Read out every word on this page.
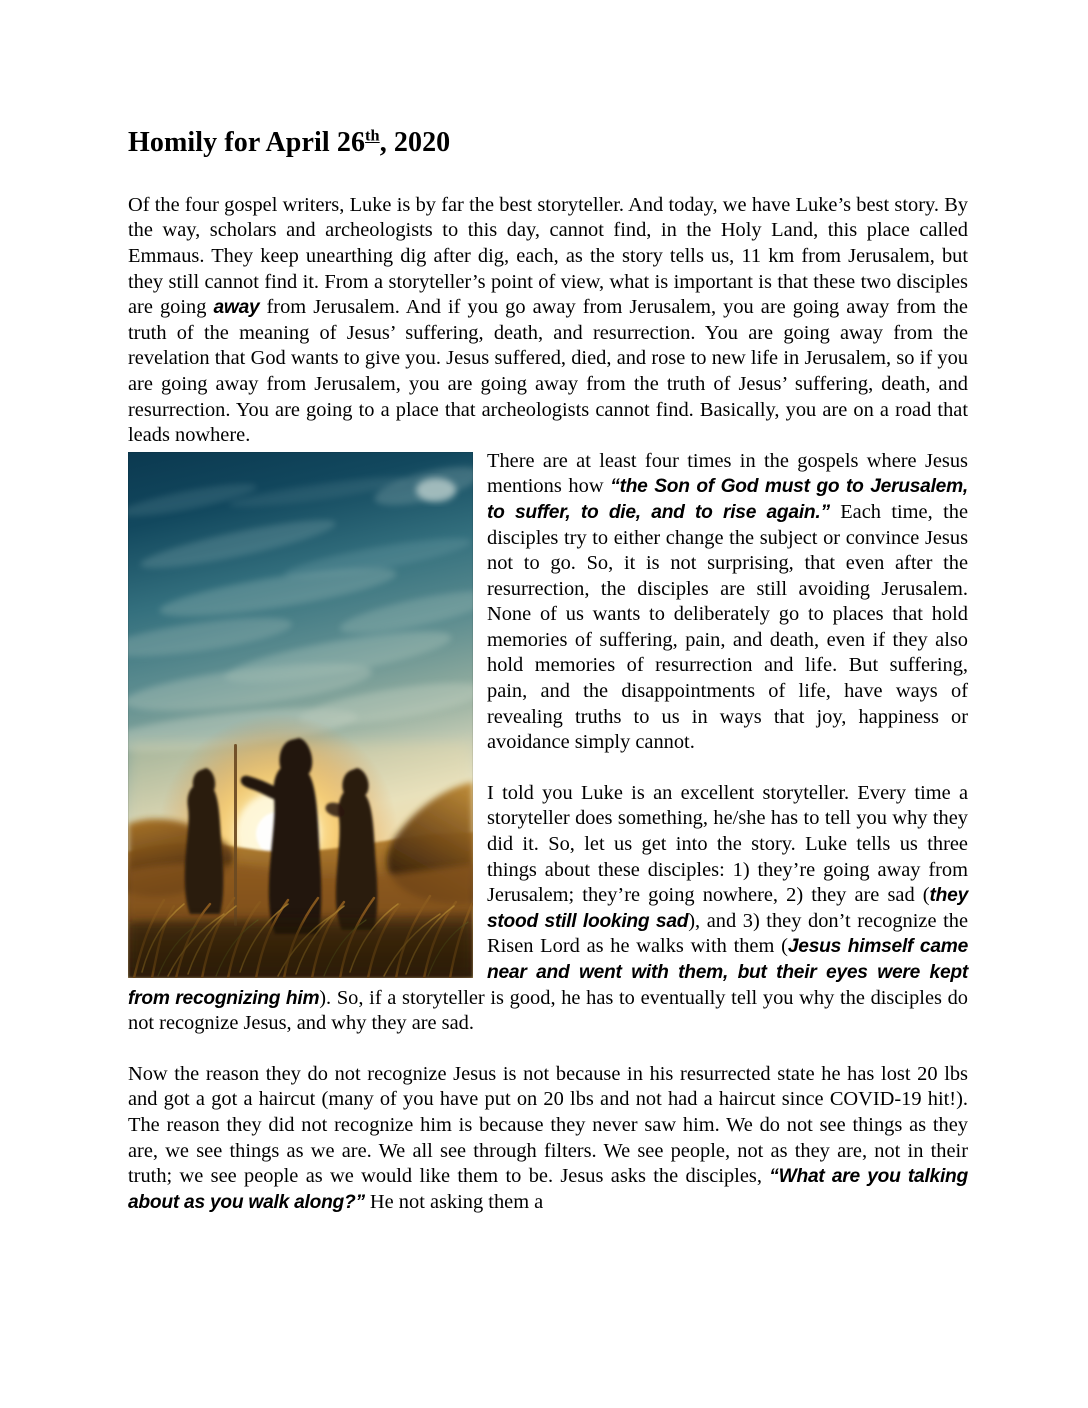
Homily for April 26th, 2020

Of the four gospel writers, Luke is by far the best storyteller. And today, we have Luke’s best story. By the way, scholars and archeologists to this day, cannot find, in the Holy Land, this place called Emmaus. They keep unearthing dig after dig, each, as the story tells us, 11 km from Jerusalem, but they still cannot find it. From a storyteller’s point of view, what is important is that these two disciples are going away from Jerusalem. And if you go away from Jerusalem, you are going away from the truth of the meaning of Jesus’ suffering, death, and resurrection. You are going away from the revelation that God wants to give you. Jesus suffered, died, and rose to new life in Jerusalem, so if you are going away from Jerusalem, you are going away from the truth of Jesus’ suffering, death, and resurrection. You are going to a place that archeologists cannot find. Basically, you are on a road that leads nowhere.

There are at least four times in the gospels where Jesus mentions how “the Son of God must go to Jerusalem, to suffer, to die, and to rise again.” Each time, the disciples try to either change the subject or convince Jesus not to go. So, it is not surprising, that even after the resurrection, the disciples are still avoiding Jerusalem. None of us wants to deliberately go to places that hold memories of suffering, pain, and death, even if they also hold memories of resurrection and life. But suffering, pain, and the disappointments of life, have ways of revealing truths to us in ways that joy, happiness or avoidance simply cannot.

I told you Luke is an excellent storyteller. Every time a storyteller does something, he/she has to tell you why they did it. So, let us get into the story. Luke tells us three things about these disciples: 1) they’re going away from Jerusalem; they’re going nowhere, 2) they are sad (they stood still looking sad), and 3) they don’t recognize the Risen Lord as he walks with them (Jesus himself came near and went with them, but their eyes were kept from recognizing him). So, if a storyteller is good, he has to eventually tell you why the disciples do not recognize Jesus, and why they are sad.

Now the reason they do not recognize Jesus is not because in his resurrected state he has lost 20 lbs and got a got a haircut (many of you have put on 20 lbs and not had a haircut since COVID-19 hit!). The reason they did not recognize him is because they never saw him. We do not see things as they are, we see things as we are. We all see through filters. We see people, not as they are, not in their truth; we see people as we would like them to be. Jesus asks the disciples, “What are you talking about as you walk along?” He not asking them a
